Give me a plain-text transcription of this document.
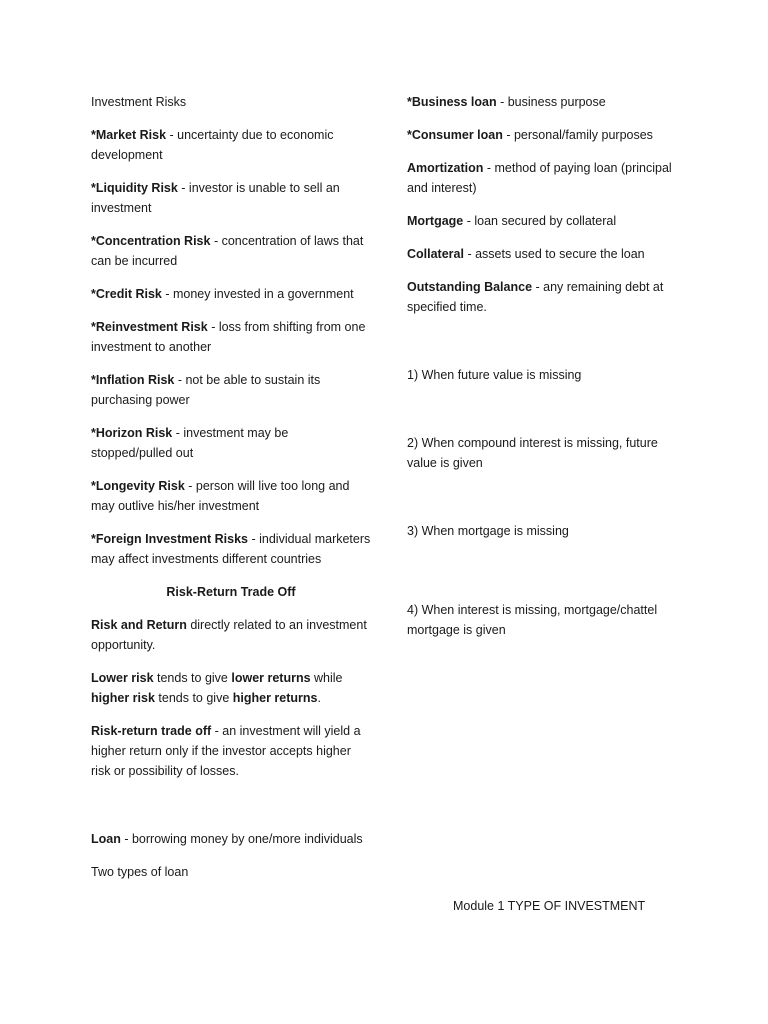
Investment Risks

*Market Risk - uncertainty due to economic development

*Liquidity Risk - investor is unable to sell an investment

*Concentration Risk - concentration of laws that can be incurred

*Credit Risk - money invested in a government

*Reinvestment Risk - loss from shifting from one investment to another

*Inflation Risk - not be able to sustain its purchasing power

*Horizon Risk - investment may be stopped/pulled out

*Longevity Risk - person will live too long and may outlive his/her investment

*Foreign Investment Risks - individual marketers may affect investments different countries

Risk-Return Trade Off

Risk and Return directly related to an investment opportunity.

Lower risk tends to give lower returns while higher risk tends to give higher returns.

Risk-return trade off - an investment will yield a higher return only if the investor accepts higher risk or possibility of losses.

Loan - borrowing money by one/more individuals

Two types of loan

*Business loan - business purpose

*Consumer loan - personal/family purposes

Amortization - method of paying loan (principal and interest)

Mortgage - loan secured by collateral

Collateral - assets used to secure the loan

Outstanding Balance - any remaining debt at specified time.

1) When future value is missing

2) When compound interest is missing, future value is given

3) When mortgage is missing

4) When interest is missing, mortgage/chattel mortgage is given

Module 1 TYPE OF INVESTMENT
